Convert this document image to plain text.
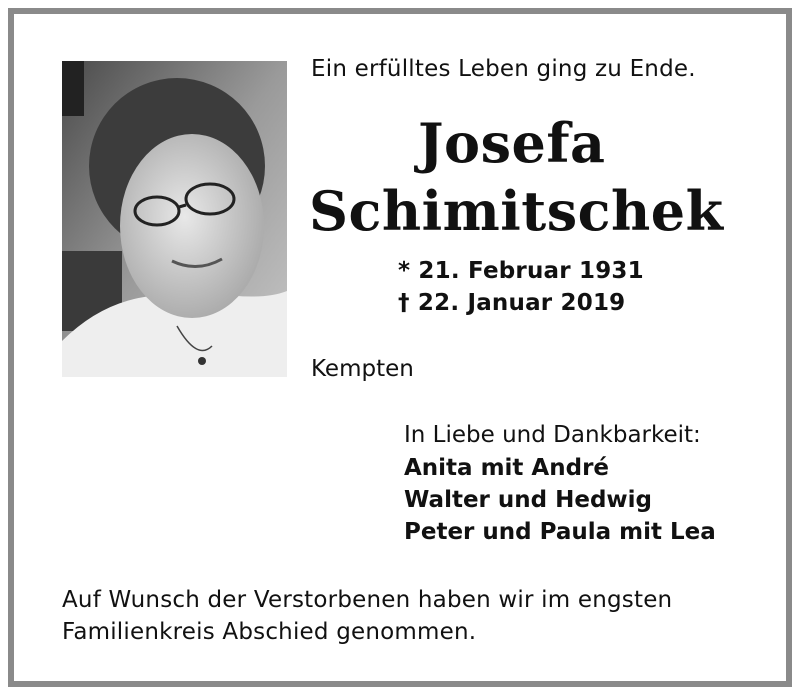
Ein erfülltes Leben ging zu Ende.
Josefa
Schimitschek
* 21. Februar 1931
† 22. Januar 2019
Kempten
In Liebe und Dankbarkeit:
Anita mit André
Walter und Hedwig
Peter und Paula mit Lea
Auf Wunsch der Verstorbenen haben wir im engsten
Familienkreis Abschied genommen.
